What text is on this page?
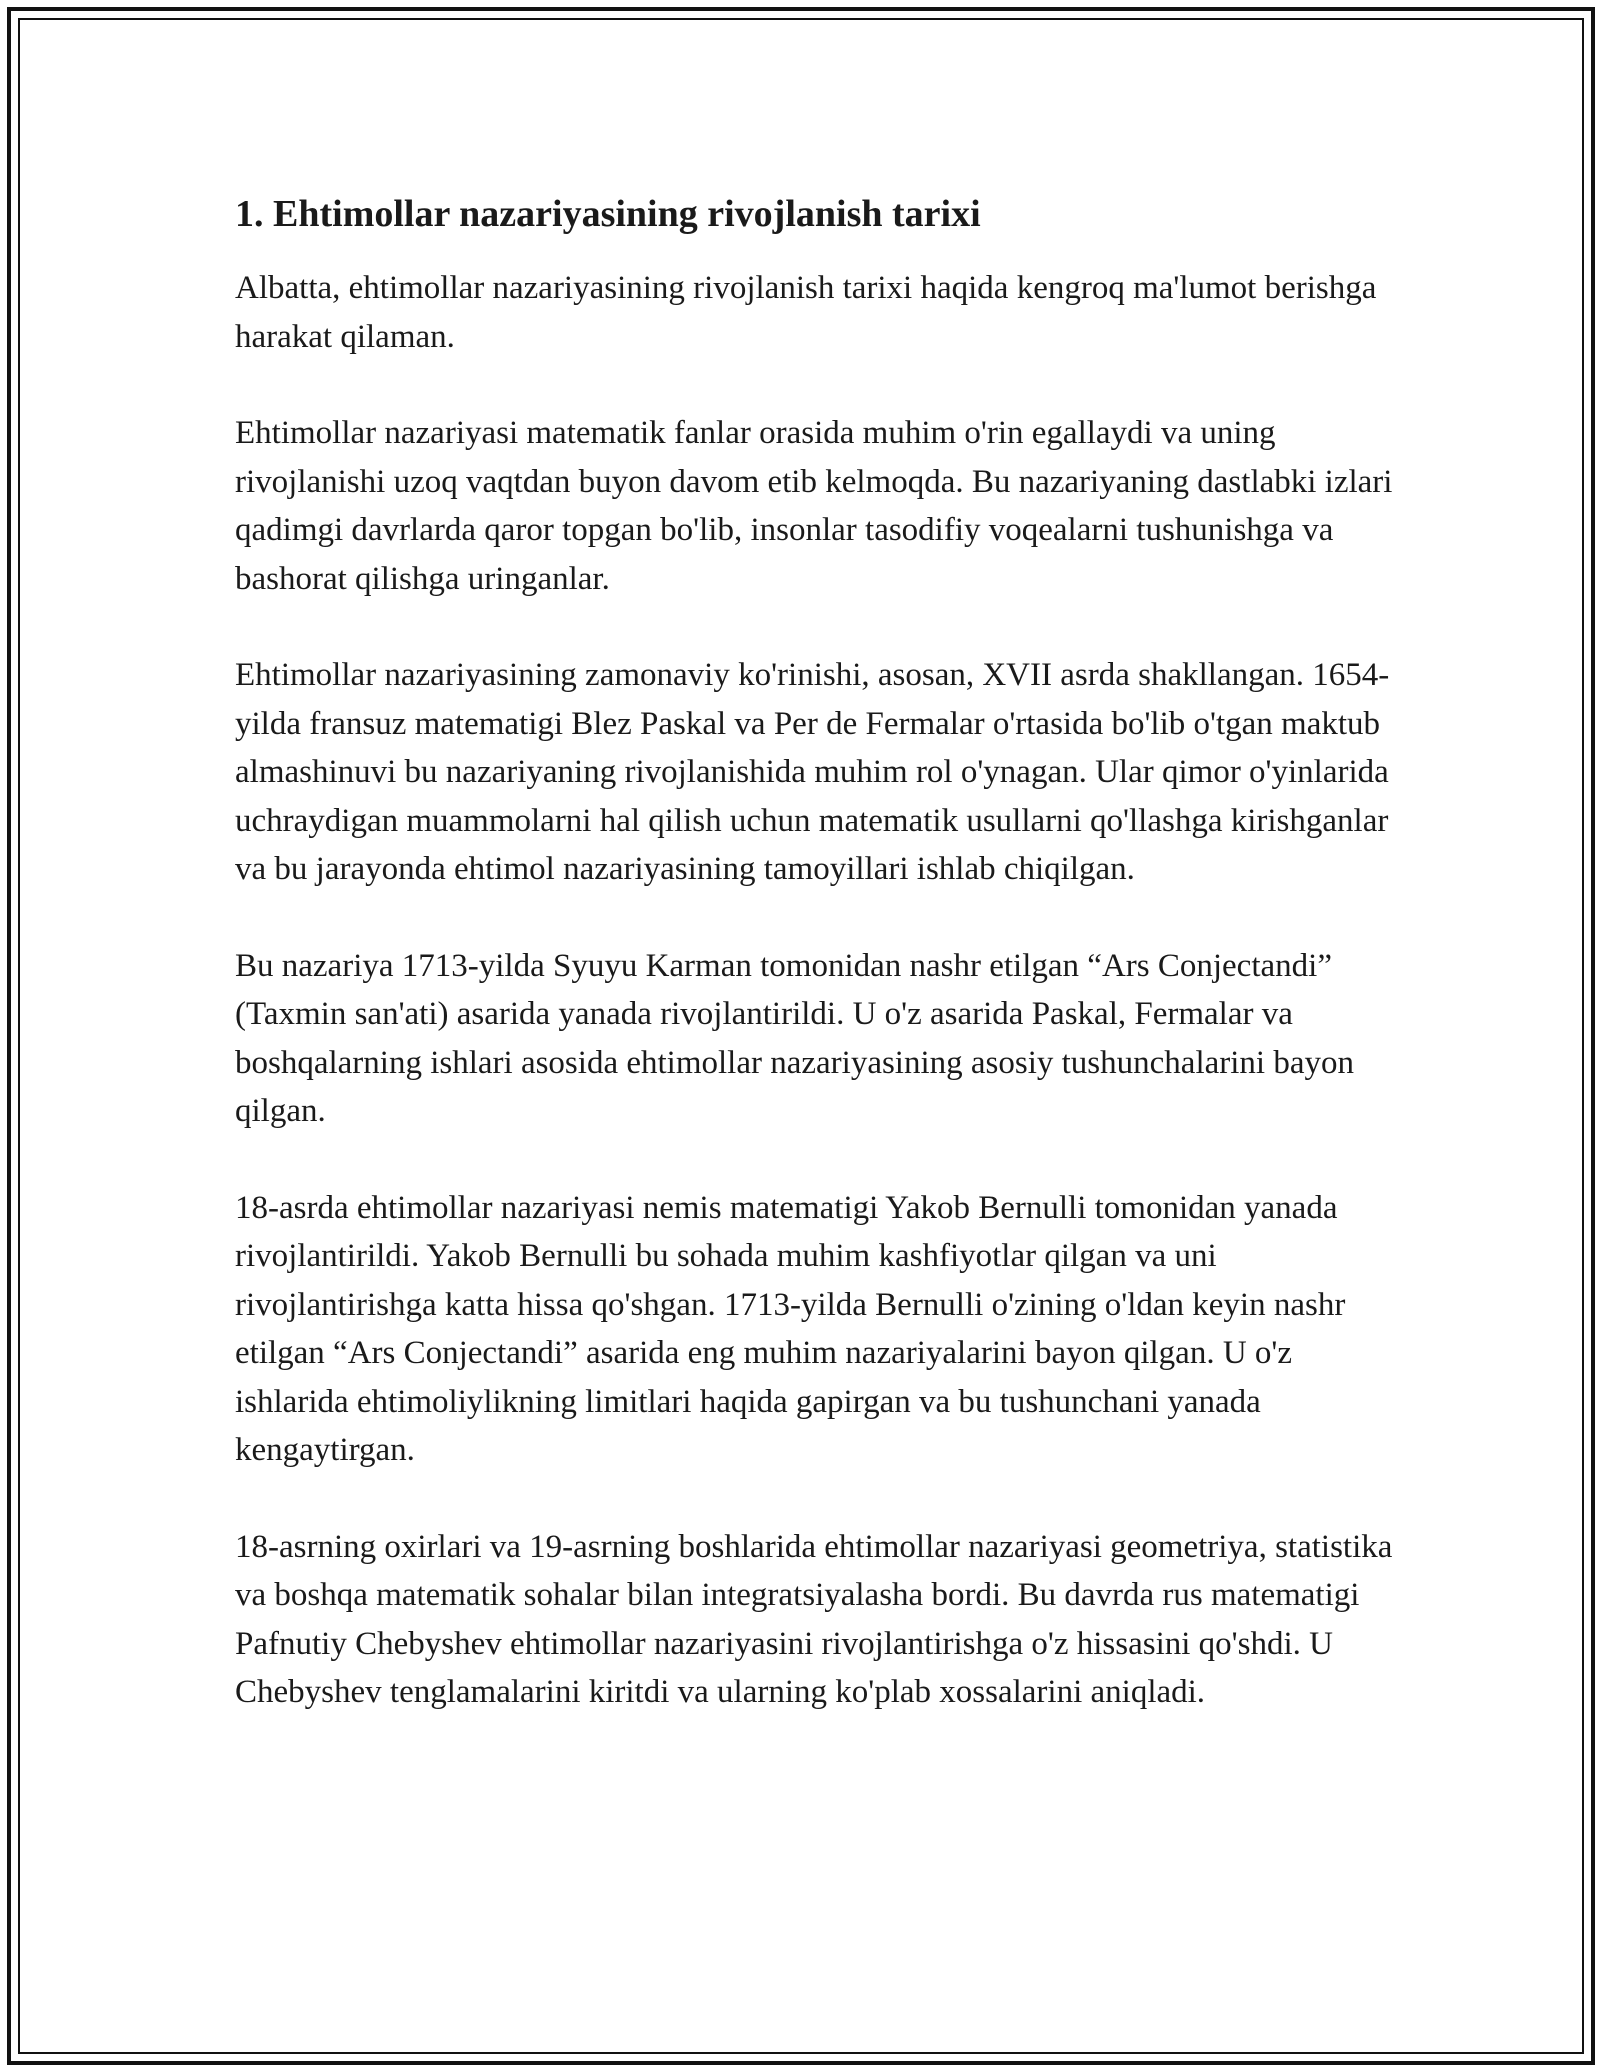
1. Ehtimollar nazariyasining rivojlanish tarixi

Albatta, ehtimollar nazariyasining rivojlanish tarixi haqida kengroq ma'lumot berishga harakat qilaman.

Ehtimollar nazariyasi matematik fanlar orasida muhim o'rin egallaydi va uning rivojlanishi uzoq vaqtdan buyon davom etib kelmoqda. Bu nazariyaning dastlabki izlari qadimgi davrlarda qaror topgan bo'lib, insonlar tasodifiy voqealarni tushunishga va bashorat qilishga uringanlar.

Ehtimollar nazariyasining zamonaviy ko'rinishi, asosan, XVII asrda shakllangan. 1654-yilda fransuz matematigi Blez Paskal va Per de Fermalar o'rtasida bo'lib o'tgan maktub almashinuvi bu nazariyaning rivojlanishida muhim rol o'ynagan. Ular qimor o'yinlarida uchraydigan muammolarni hal qilish uchun matematik usullarni qo'llashga kirishganlar va bu jarayonda ehtimol nazariyasining tamoyillari ishlab chiqilgan.

Bu nazariya 1713-yilda Syuyu Karman tomonidan nashr etilgan “Ars Conjectandi” (Taxmin san'ati) asarida yanada rivojlantirildi. U o'z asarida Paskal, Fermalar va boshqalarning ishlari asosida ehtimollar nazariyasining asosiy tushunchalarini bayon qilgan.

18-asrda ehtimollar nazariyasi nemis matematigi Yakob Bernulli tomonidan yanada rivojlantirildi. Yakob Bernulli bu sohada muhim kashfiyotlar qilgan va uni rivojlantirishga katta hissa qo'shgan. 1713-yilda Bernulli o'zining o'ldan keyin nashr etilgan “Ars Conjectandi” asarida eng muhim nazariyalarini bayon qilgan. U o'z ishlarida ehtimoliylikning limitlari haqida gapirgan va bu tushunchani yanada kengaytirgan.

18-asrning oxirlari va 19-asrning boshlarida ehtimollar nazariyasi geometriya, statistika va boshqa matematik sohalar bilan integratsiyalasha bordi. Bu davrda rus matematigi Pafnutiy Chebyshev ehtimollar nazariyasini rivojlantirishga o'z hissasini qo'shdi. U Chebyshev tenglamalarini kiritdi va ularning ko'plab xossalarini aniqladi.
